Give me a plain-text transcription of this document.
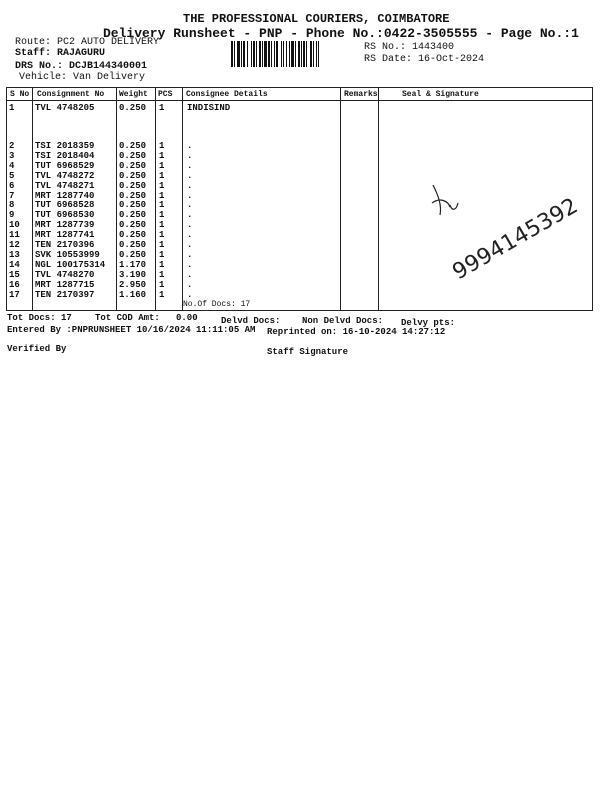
THE PROFESSIONAL COURIERS, COIMBATORE
Delivery Runsheet - PNP - Phone No.:0422-3505555 - Page No.:1
Route: PC2 AUTO DELIVERY
Staff: RAJAGURU
DRS No.: DCJB144340001
Vehicle: Van Delivery
RS No.: 1443400
RS Date: 16-Oct-2024
S No Consignment No Weight PCS Consignee Details	Remarks	Seal & Signature
1 TVL 4748205	0.250 1	INDISIND
2 TSI 2018359	0.250 1	.
3 TSI 2018404	0.250 1	.
4 TUT 6968529	0.250 1	.
5 TVL 4748272	0.250 1	.
6 TVL 4748271	0.250 1	.
7 MRT 1287740	0.250 1	.
8 TUT 6968528	0.250 1	.
9 TUT 6968530	0.250 1	.
10 MRT 1287739	0.250 1	.
11 MRT 1287741	0.250 1	.
12 TEN 2170396	0.250 1	.
13 SVK 10553999 0.250 1	.
14 NGL 100175314 1.170 1	.
15 TVL 4748270	3.190 1	.
16 MRT 1287715	2.950 1	.
17 TEN 2170397	1.160 1	.
No.Of Docs: 17
9994145392
Tot Docs: 17	Tot COD Amt: 0.00	Delvd Docs: Non Delvd Docs: Delvy pts:
Entered By :PNPRUNSHEET 10/16/2024 11:11:05 AM Reprinted on: 16-10-2024 14:27:12
Verified By	Staff Signature
